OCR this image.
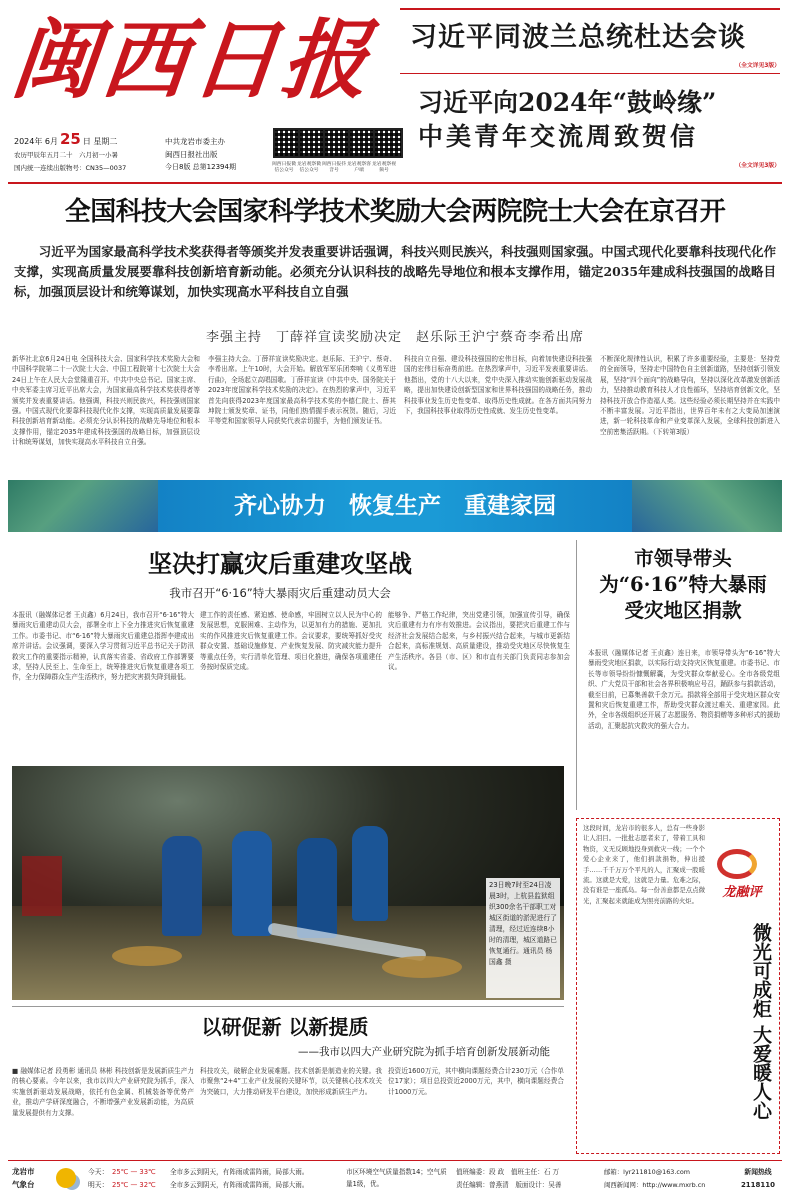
闽西日报
2024年 6月 25 日 星期二
农历甲辰年五月二十　六月初一小暑
国内统一连续出版物号：CN35—0037
中共龙岩市委主办
闽西日报社出版
今日8版 总第12394期	闽西日报微信公众号
龙岩观察微信公众号
闽西日报抖音号
龙岩观察客户端
龙岩观察视频号
习近平同波兰总统杜达会谈
（全文详见3版）
习近平向2024年“鼓岭缘”
中美青年交流周致贺信
（全文详见3版）
全国科技大会国家科学技术奖励大会两院院士大会在京召开
习近平为国家最高科学技术奖获得者等颁奖并发表重要讲话强调，科技兴则民族兴，科技强则国家强。中国式现代化要靠科技现代化作支撑，实现高质量发展要靠科技创新培育新动能。必须充分认识科技的战略先导地位和根本支撑作用，锚定2035年建成科技强国的战略目标，加强顶层设计和统筹谋划，加快实现高水平科技自立自强
李强主持　丁薛祥宣读奖励决定　赵乐际王沪宁蔡奇李希出席
新华社北京6月24日电 全国科技大会、国家科学技术奖励大会和中国科学院第二十一次院士大会、中国工程院第十七次院士大会24日上午在人民大会堂隆重召开。中共中央总书记、国家主席、中央军委主席习近平出席大会，为国家最高科学技术奖获得者等颁奖并发表重要讲话。他强调，科技兴则民族兴，科技强则国家强。中国式现代化要靠科技现代化作支撑，实现高质量发展要靠科技创新培育新动能。必须充分认识科技的战略先导地位和根本支撑作用，锚定2035年建成科技强国的战略目标，加强顶层设计和统筹谋划，加快实现高水平科技自立自强。
李强主持大会。丁薛祥宣读奖励决定。赵乐际、王沪宁、蔡奇、李希出席。上午10时，大会开始。解放军军乐团奏响《义勇军进行曲》，全场起立高唱国歌。丁薛祥宣读《中共中央、国务院关于2023年度国家科学技术奖励的决定》。在热烈的掌声中，习近平首先向获得2023年度国家最高科学技术奖的李德仁院士、薛其坤院士颁发奖章、证书，同他们热情握手表示祝贺。随后，习近平等党和国家领导人同获奖代表亲切握手，为他们颁发证书。
科技自立自强、建设科技强国的宏伟目标，向着加快建设科技强国的宏伟目标奋勇前进。在热烈掌声中，习近平发表重要讲话。他指出，党的十八大以来，党中央深入推动实施创新驱动发展战略，提出加快建设创新型国家和世界科技强国的战略任务，推动科技事业发生历史性变革、取得历史性成就。在各方面共同努力下，我国科技事业取得历史性成就、发生历史性变革。
不断深化规律性认识，积累了许多重要经验，主要是：坚持党的全面领导，坚持走中国特色自主创新道路，坚持创新引领发展，坚持“四个面向”的战略导向，坚持以深化改革激发创新活力，坚持推动教育科技人才良性循环，坚持培育创新文化，坚持科技开放合作造福人类。这些经验必须长期坚持并在实践中不断丰富发展。习近平指出，世界百年未有之大变局加速演进，新一轮科技革命和产业变革深入发展，全球科技创新进入空前密集活跃期。（下转第3版）
齐心协力　恢复生产　重建家园
坚决打赢灾后重建攻坚战
我市召开“6·16”特大暴雨灾后重建动员大会
本报讯（融媒体记者 王贞鑫）6月24日，我市召开“6·16”特大暴雨灾后重建动员大会，部署全市上下全力推进灾后恢复重建工作。市委书记、市“6·16”特大暴雨灾后重建总指挥李建成出席并讲话。会议强调，要深入学习贯彻习近平总书记关于防汛救灾工作的重要指示精神，认真落实省委、省政府工作部署要求，坚持人民至上、生命至上，统筹推进灾后恢复重建各项工作，全力保障群众生产生活秩序，努力把灾害损失降到最低。
建工作的责任感、紧迫感、使命感，牢固树立以人民为中心的发展思想，克服困难、主动作为，以更加有力的措施、更加扎实的作风推进灾后恢复重建工作。会议要求，要统筹抓好受灾群众安置、基础设施修复、产业恢复发展、防灾减灾能力提升等重点任务，实行清单化管理、项目化推进，确保各项重建任务按时保质完成。
能够争、严格工作纪律，突出党建引领，加强宣传引导，确保灾后重建有力有序有效推进。会议指出，要把灾后重建工作与经济社会发展结合起来，与乡村振兴结合起来，与城市更新结合起来，高标准规划、高质量建设，推动受灾地区尽快恢复生产生活秩序。各县（市、区）和市直有关部门负责同志参加会议。
23日晚7时至24日凌晨3时，上杭县监狱组织300余名干部职工对城区街道的淤泥进行了清理，经过近连续8小时的清理，城区道路已恢复通行。通讯员 杨国鑫 摄
市领导带头
为“6·16”特大暴雨
受灾地区捐款
本报讯（融媒体记者 王贞鑫）连日来，市领导带头为“6·16”特大暴雨受灾地区捐款，以实际行动支持灾区恢复重建。市委书记、市长等市领导纷纷慷慨解囊，为受灾群众奉献爱心。全市各级党组织、广大党员干部和社会各界积极响应号召，踊跃参与捐款活动，截至目前，已募集善款千余万元。捐款将全部用于受灾地区群众安置和灾后恢复重建工作，帮助受灾群众渡过难关、重建家园。此外，全市各级组织还开展了志愿服务、物资捐赠等多种形式的援助活动，汇聚起抗灾救灾的强大合力。
这段时间，龙岩市的很多人，总有一些身影让人泪目。一批批志愿者来了，带着工具和物资，义无反顾地投身到救灾一线；一个个爱心企业来了，他们捐款捐物，伸出援手……千千万万个平凡的人，汇聚成一股暖流。这就是大爱，这就是力量。危难之际，没有谁是一座孤岛。每一份善意都是点点微光，汇聚起来就能成为照亮前路的火炬。
龙融评
微光可成炬 大爱暖人心
以研促新 以新提质
——我市以四大产业研究院为抓手培育创新发展新动能
■ 融媒体记者 段勇彬 通讯员 林彬 科技创新是发展新质生产力的核心要素。今年以来，我市以四大产业研究院为抓手，深入实施创新驱动发展战略，依托有色金属、机械装备等优势产业，推动产学研深度融合，不断增强产业发展新动能，为高质量发展提供有力支撑。
科技攻关，破解企业发展难题。技术创新是制造业的关键。我市聚焦“2+4”工业产业发展的关键环节，以关键核心技术攻关为突破口，大力推动研发平台建设，加快形成新质生产力。
投资近1600万元，其中横向课题经费合计230万元（合作单位17家）；项目总投资近2000万元，其中，横向课题经费合计1000万元。
龙岩市
气象台
今天： 25℃ — 33℃
明天： 25℃ — 32℃
全市多云到阴天，有阵雨或雷阵雨，局部大雨。
全市多云到阴天，有阵雨或雷阵雨，局部大雨。
市区环境空气质量指数14；空气质量1级，优。
值班编委：段 政　值班主任：石 万
责任编辑：曾燕清　版面设计：吴善
邮箱：lyr211810@163.com
闽西新闻网：http://www.mxrb.cn
新闻热线
2118110
